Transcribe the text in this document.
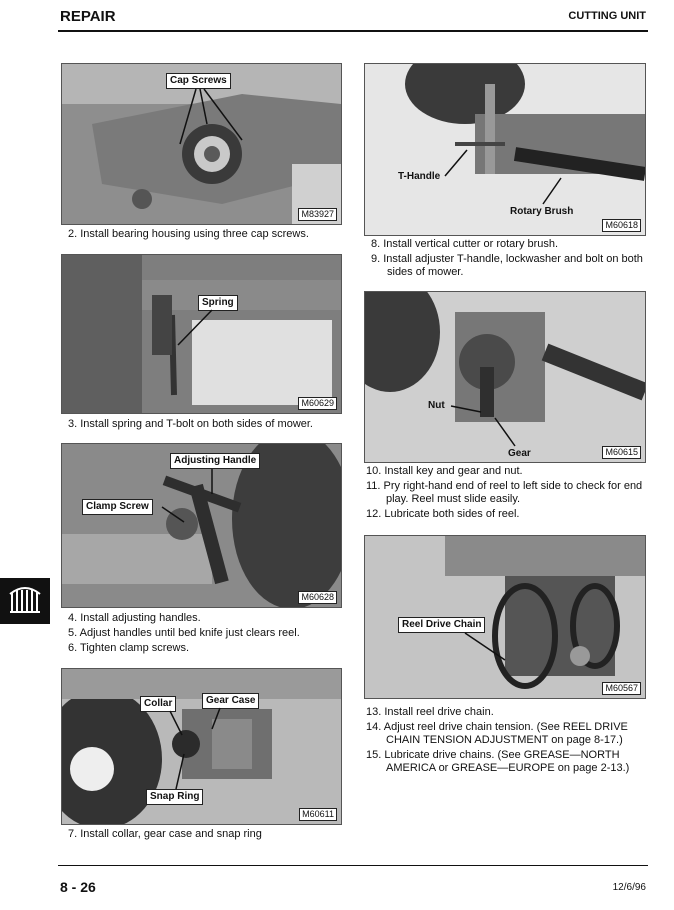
REPAIR	CUTTING UNIT
Cap Screws
M83927
Spring
M60629
Adjusting Handle
Clamp Screw
M60628
Collar	Gear Case
Snap Ring
M60611
T-Handle
Rotary Brush
M60618
Nut
Gear	M60615
Reel Drive Chain
M60567
2. Install bearing housing using three cap screws.
3. Install spring and T-bolt on both sides of mower.
4. Install adjusting handles.
5. Adjust handles until bed knife just clears reel.
6. Tighten clamp screws.
7. Install collar, gear case and snap ring
8. Install vertical cutter or rotary brush.
9. Install adjuster T-handle, lockwasher and bolt on both sides of mower.
10. Install key and gear and nut.
11. Pry right-hand end of reel to left side to check for end play. Reel must slide easily.
12. Lubricate both sides of reel.
13. Install reel drive chain.
14. Adjust reel drive chain tension. (See REEL DRIVE CHAIN TENSION ADJUSTMENT on page 8-17.)
15. Lubricate drive chains. (See GREASE—NORTH AMERICA or GREASE—EUROPE on page 2-13.)
8 - 26	12/6/96
